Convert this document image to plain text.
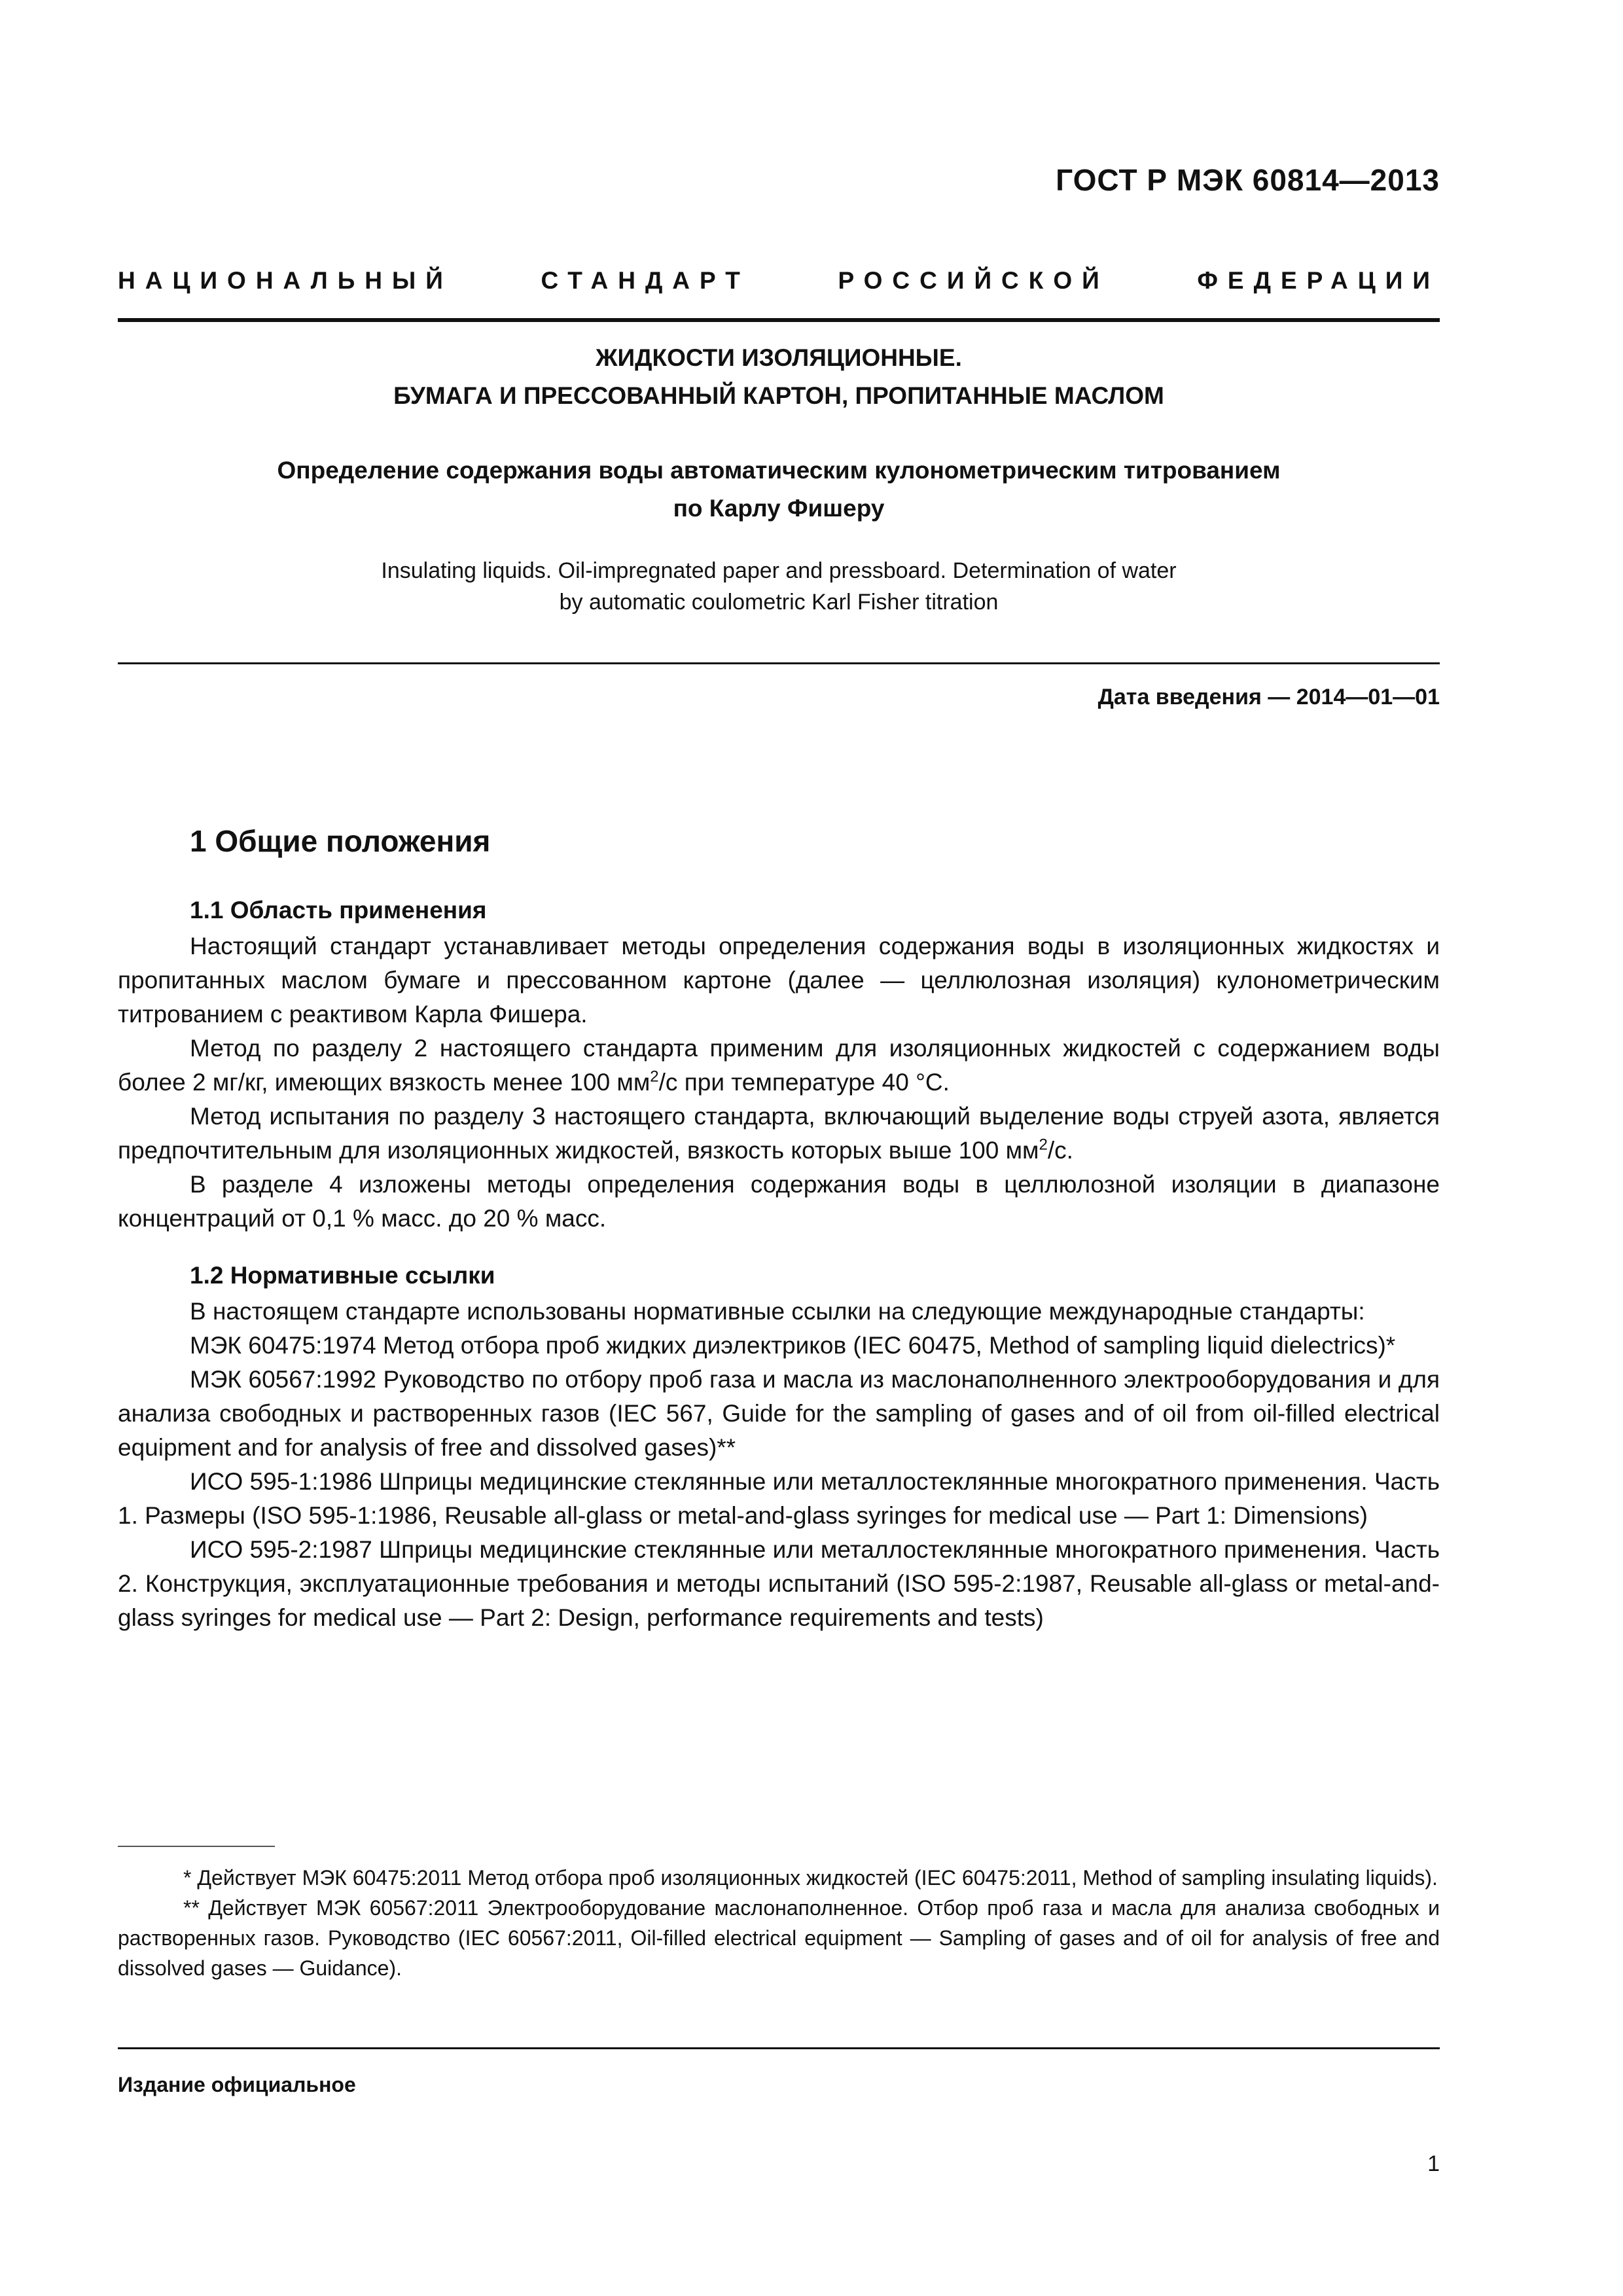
ГОСТ Р МЭК 60814—2013
НАЦИОНАЛЬНЫЙ	СТАНДАРТ	РОССИЙСКОЙ	ФЕДЕРАЦИИ
ЖИДКОСТИ ИЗОЛЯЦИОННЫЕ.
БУМАГА И ПРЕССОВАННЫЙ КАРТОН, ПРОПИТАННЫЕ МАСЛОМ
Определение содержания воды автоматическим кулонометрическим титрованием
по Карлу Фишеру
Insulating liquids. Oil-impregnated paper and pressboard. Determination of water
by automatic coulometric Karl Fisher titration
Дата введения — 2014—01—01
1 Общие положения
1.1 Область применения

Настоящий стандарт устанавливает методы определения содержания воды в изоляционных жидкостях и пропитанных маслом бумаге и прессованном картоне (далее — целлюлозная изоляция) кулонометрическим титрованием с реактивом Карла Фишера.

Метод по разделу 2 настоящего стандарта применим для изоляционных жидкостей с содержанием воды более 2 мг/кг, имеющих вязкость менее 100 $мм^2/с$ при температуре 40 °С.

Метод испытания по разделу 3 настоящего стандарта, включающий выделение воды струей азота, является предпочтительным для изоляционных жидкостей, вязкость которых выше 100 $мм^2/с$.

В разделе 4 изложены методы определения содержания воды в целлюлозной изоляции в диапазоне концентраций от 0,1 % масс. до 20 % масс.

1.2 Нормативные ссылки

В настоящем стандарте использованы нормативные ссылки на следующие международные стандарты:

МЭК 60475:1974 Метод отбора проб жидких диэлектриков (IEC 60475, Method of sampling liquid dielectrics)*

МЭК 60567:1992 Руководство по отбору проб газа и масла из маслонаполненного электрооборудования и для анализа свободных и растворенных газов (IEC 567, Guide for the sampling of gases and of oil from oil-filled electrical equipment and for analysis of free and dissolved gases)**

ИСО 595-1:1986 Шприцы медицинские стеклянные или металлостеклянные многократного применения. Часть 1. Размеры (ISO 595-1:1986, Reusable all-glass or metal-and-glass syringes for medical use — Part 1: Dimensions)

ИСО 595-2:1987 Шприцы медицинские стеклянные или металлостеклянные многократного применения. Часть 2. Конструкция, эксплуатационные требования и методы испытаний (ISO 595-2:1987, Reusable all-glass or metal-and-glass syringes for medical use — Part 2: Design, performance requirements and tests)

* Действует МЭК 60475:2011 Метод отбора проб изоляционных жидкостей (IEC 60475:2011, Method of sampling insulating liquids).

** Действует МЭК 60567:2011 Электрооборудование маслонаполненное. Отбор проб газа и масла для анализа свободных и растворенных газов. Руководство (IEC 60567:2011, Oil-filled electrical equipment — Sampling of gases and of oil for analysis of free and dissolved gases — Guidance).

Издание официальное
1
